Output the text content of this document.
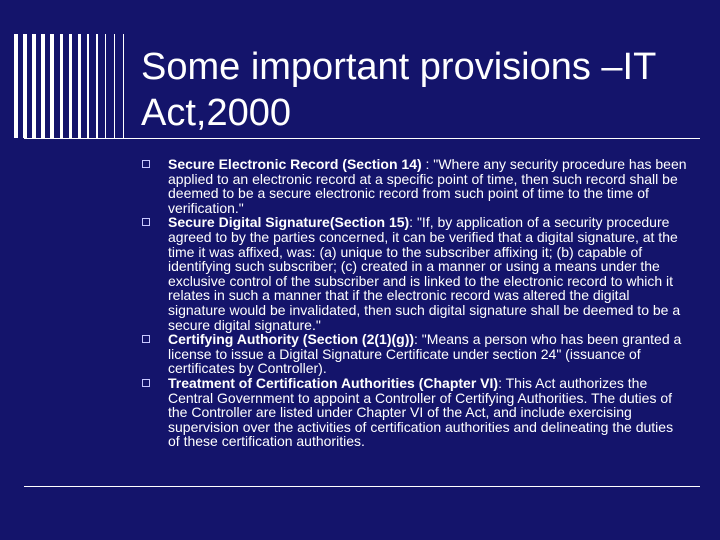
Some important provisions –IT Act,2000
Secure Electronic Record (Section 14) : "Where any security procedure has been applied to an electronic record at a specific point of time, then such record shall be deemed to be a secure electronic record from such point of time to the time of verification."
Secure Digital Signature(Section 15): "If, by application of a security procedure agreed to by the parties concerned, it can be verified that a digital signature, at the time it was affixed, was: (a) unique to the subscriber affixing it; (b) capable of identifying such subscriber; (c) created in a manner or using a means under the exclusive control of the subscriber and is linked to the electronic record to which it relates in such a manner that if the electronic record was altered the digital signature would be invalidated, then such digital signature shall be deemed to be a secure digital signature."
Certifying Authority (Section (2(1)(g)): "Means a person who has been granted a license to issue a Digital Signature Certificate under section 24" (issuance of certificates by Controller).
Treatment of Certification Authorities (Chapter VI): This Act authorizes the Central Government to appoint a Controller of Certifying Authorities. The duties of the Controller are listed under Chapter VI of the Act, and include exercising supervision over the activities of certification authorities and delineating the duties of these certification authorities.
